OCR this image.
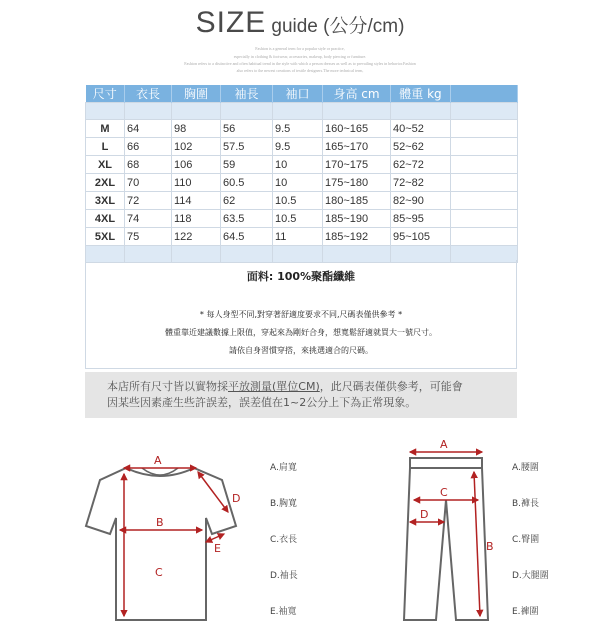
SIZE guide (公分/cm)
Fashion is a general term for a popular style or practice,
especially in clothing & footwear, accessories, makeup, body piercing or furniture.
Fashion refers to a distinctive and often habitual trend in the style with which a person dresses as well as to prevailing styles in behavior.Fashion
also refers to the newest creations of textile designers.The more technical term,
尺寸	衣長	胸圍	袖長	袖口	身高 cm	體重 kg	

M	64	98	56	9.5	160~165	40~52	
L	66	102	57.5	9.5	165~170	52~62	
XL	68	106	59	10	170~175	62~72	
2XL	70	110	60.5	10	175~180	72~82	
3XL	72	114	62	10.5	180~185	82~90	
4XL	74	118	63.5	10.5	185~190	85~95	
5XL	75	122	64.5	11	185~192	95~105	

面料: 100%聚酯纖維
* 每人身型不同,對穿著舒適度要求不同,尺碼表僅供參考 *
體重靠近建議數據上限值，穿起來為剛好合身，想寬鬆舒適就買大一號尺寸。
請依自身習慣穿搭，來挑選適合的尺碼。

本店所有尺寸皆以實物採平放測量(單位CM)，此尺碼表僅供參考，可能會
因某些因素產生些許誤差，誤差值在1~2公分上下為正常現象。

A
B
C
D
E
A
B
C
D
A.肩寬
B.胸寬
C.衣長
D.袖長
E.袖寬
A.腰圍
B.褲長
C.臀圍
D.大腿圍
E.褲圍
